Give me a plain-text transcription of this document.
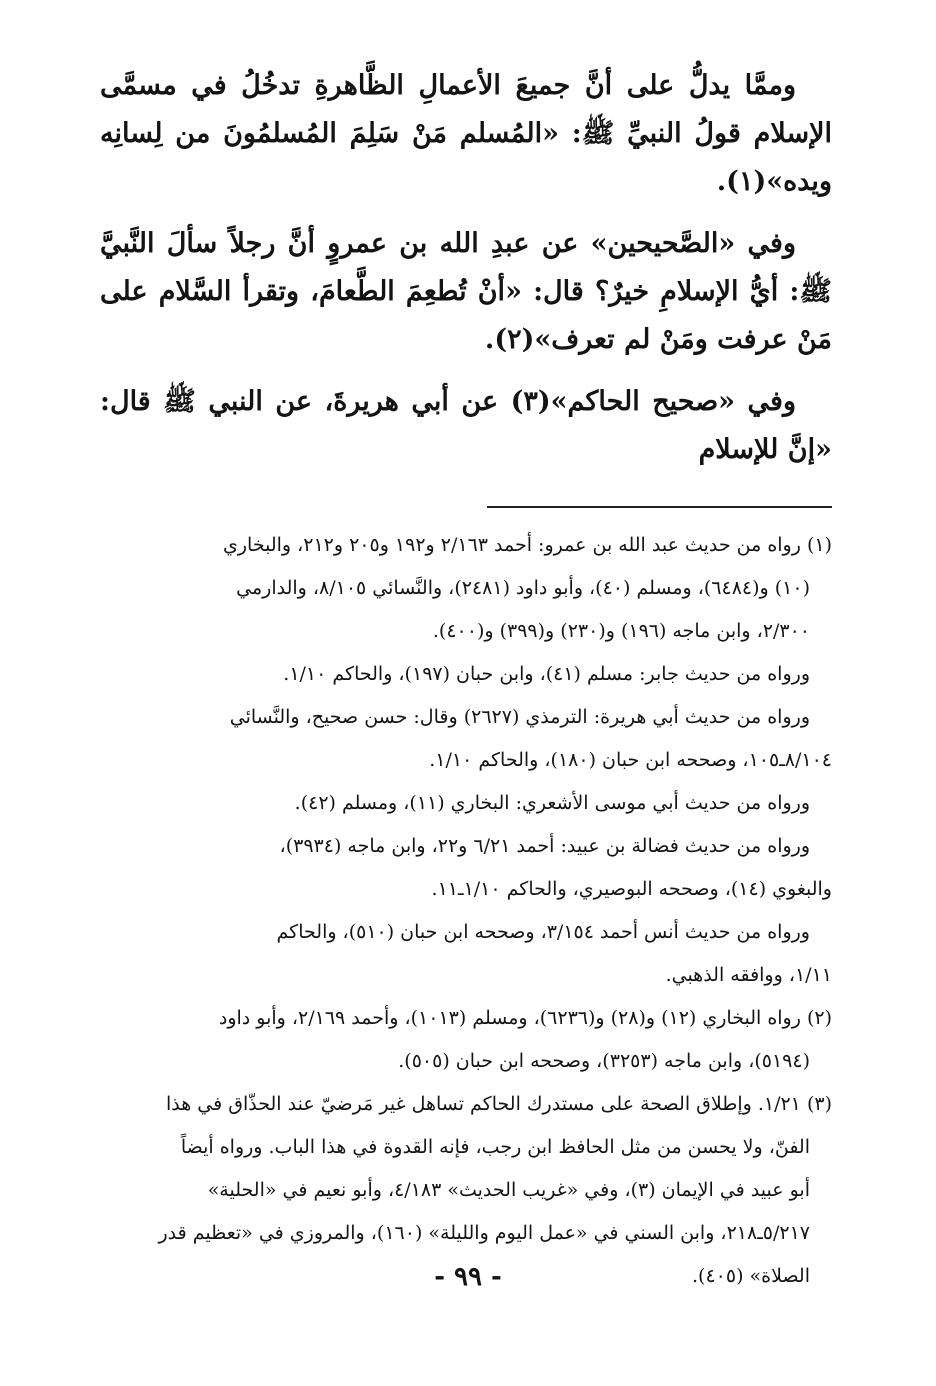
وممَّا يدلُّ على أنَّ جميعَ الأعمالِ الظَّاهرةِ تدخُلُ في مسمَّى الإسلام قولُ النبيِّ ﷺ: «المُسلم مَنْ سَلِمَ المُسلمُونَ من لِسانِه ويده»(١).

وفي «الصَّحيحين» عن عبدِ الله بن عمروٍ أنَّ رجلاً سألَ النَّبيَّ ﷺ: أيُّ الإسلامِ خيرٌ؟ قال: «أنْ تُطعِمَ الطَّعامَ، وتقرأ السَّلام على مَنْ عرفت ومَنْ لم تعرف»(٢).

وفي «صحيح الحاكم»(٣) عن أبي هريرةَ، عن النبي ﷺ قال: «إنَّ للإسلام

(١) رواه من حديث عبد الله بن عمرو: أحمد ٢/١٦٣ و١٩٢ و٢٠٥ و٢١٢، والبخاري
(١٠) و(٦٤٨٤)، ومسلم (٤٠)، وأبو داود (٢٤٨١)، والنَّسائي ٨/١٠٥، والدارمي
٢/٣٠٠، وابن ماجه (١٩٦) و(٢٣٠) و(٣٩٩) و(٤٠٠).
ورواه من حديث جابر: مسلم (٤١)، وابن حبان (١٩٧)، والحاكم ١/١٠.
ورواه من حديث أبي هريرة: الترمذي (٢٦٢٧) وقال: حسن صحيح، والنَّسائي
٨/١٠٤ـ١٠٥، وصححه ابن حبان (١٨٠)، والحاكم ١/١٠.
ورواه من حديث أبي موسى الأشعري: البخاري (١١)، ومسلم (٤٢).
ورواه من حديث فضالة بن عبيد: أحمد ٦/٢١ و٢٢، وابن ماجه (٣٩٣٤)،
والبغوي (١٤)، وصححه البوصيري، والحاكم ١/١٠ـ١١.
ورواه من حديث أنس أحمد ٣/١٥٤، وصححه ابن حبان (٥١٠)، والحاكم
١/١١، ووافقه الذهبي.
(٢) رواه البخاري (١٢) و(٢٨) و(٦٢٣٦)، ومسلم (١٠١٣)، وأحمد ٢/١٦٩، وأبو داود
(٥١٩٤)، وابن ماجه (٣٢٥٣)، وصححه ابن حبان (٥٠٥).
(٣) ١/٢١. وإطلاق الصحة على مستدرك الحاكم تساهل غير مَرضيّ عند الحذّاق في هذا
الفنّ، ولا يحسن من مثل الحافظ ابن رجب، فإنه القدوة في هذا الباب. ورواه أيضاً
أبو عبيد في الإيمان (٣)، وفي «غريب الحديث» ٤/١٨٣، وأبو نعيم في «الحلية»
٥/٢١٧ـ٢١٨، وابن السني في «عمل اليوم والليلة» (١٦٠)، والمروزي في «تعظيم قدر
الصلاة» (٤٠٥).
- ٩٩ -
